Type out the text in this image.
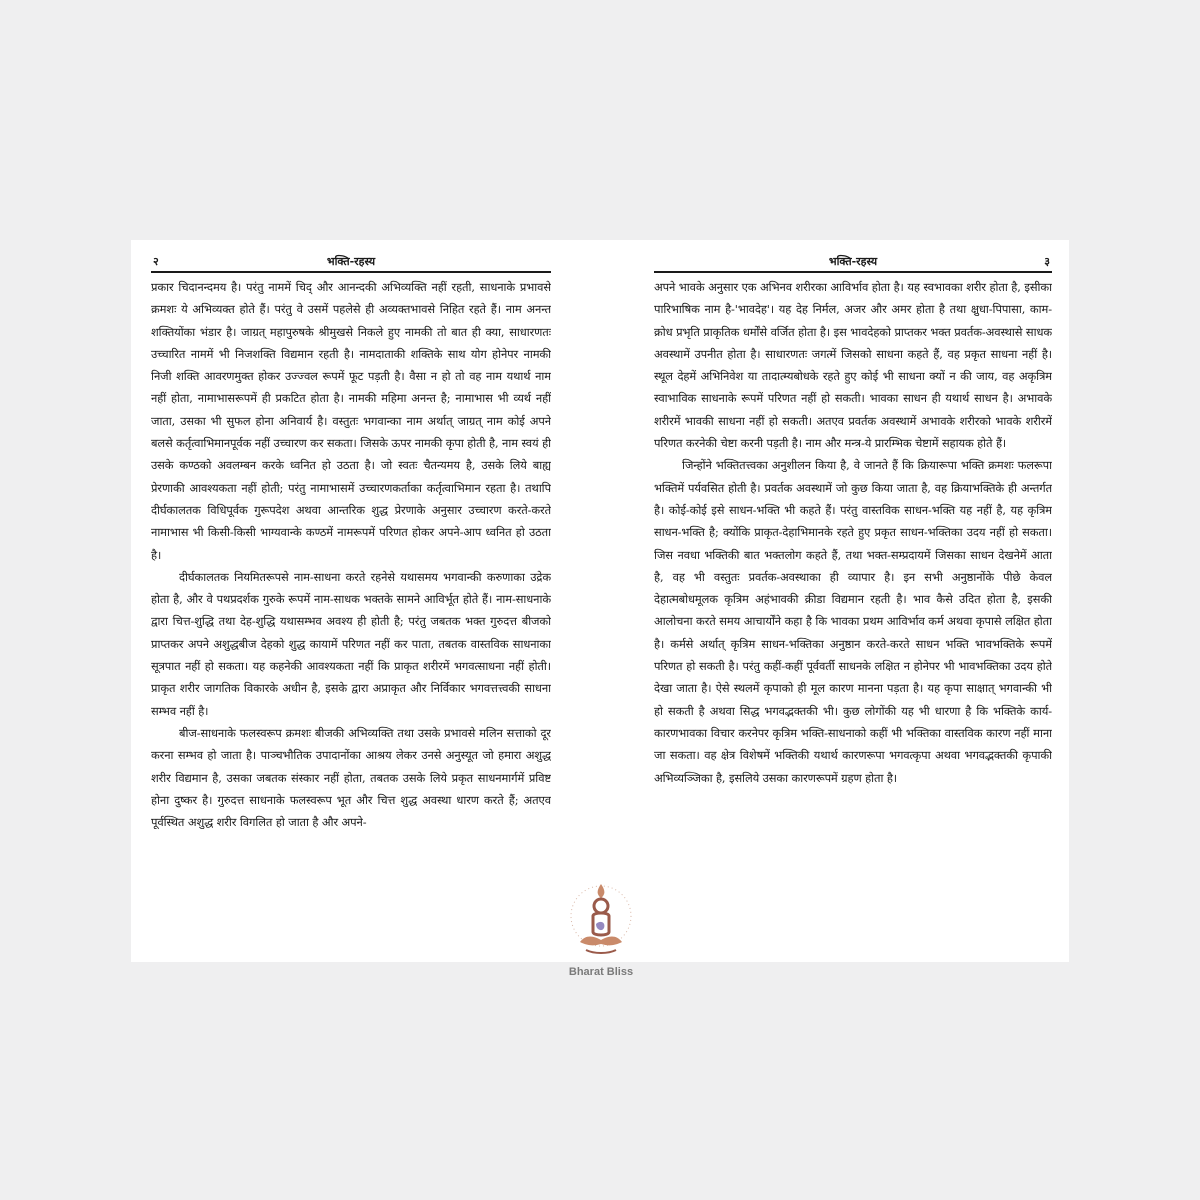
२	भक्ति-रहस्य

प्रकार चिदानन्दमय है। परंतु नाममें चिद् और आनन्दकी अभिव्यक्ति नहीं रहती, साधनाके प्रभावसे क्रमशः ये अभिव्यक्त होते हैं। परंतु वे उसमें पहलेसे ही अव्यक्तभावसे निहित रहते हैं। नाम अनन्त शक्तियोंका भंडार है। जाग्रत् महापुरुषके श्रीमुखसे निकले हुए नामकी तो बात ही क्या, साधारणतः उच्चारित नाममें भी निजशक्ति विद्यमान रहती है। नामदाताकी शक्तिके साथ योग होनेपर नामकी निजी शक्ति आवरणमुक्त होकर उज्ज्वल रूपमें फूट पड़ती है। वैसा न हो तो वह नाम यथार्थ नाम नहीं होता, नामाभासरूपमें ही प्रकटित होता है। नामकी महिमा अनन्त है; नामाभास भी व्यर्थ नहीं जाता, उसका भी सुफल होना अनिवार्य है। वस्तुतः भगवान्का नाम अर्थात् जाग्रत् नाम कोई अपने बलसे कर्तृत्वाभिमानपूर्वक नहीं उच्चारण कर सकता। जिसके ऊपर नामकी कृपा होती है, नाम स्वयं ही उसके कण्ठको अवलम्बन करके ध्वनित हो उठता है। जो स्वतः चैतन्यमय है, उसके लिये बाह्य प्रेरणाकी आवश्यकता नहीं होती; परंतु नामाभासमें उच्चारणकर्ताका कर्तृत्वाभिमान रहता है। तथापि दीर्घकालतक विधिपूर्वक गुरूपदेश अथवा आन्तरिक शुद्ध प्रेरणाके अनुसार उच्चारण करते-करते नामाभास भी किसी-किसी भाग्यवान्के कण्ठमें नामरूपमें परिणत होकर अपने-आप ध्वनित हो उठता है।

दीर्घकालतक नियमितरूपसे नाम-साधना करते रहनेसे यथासमय भगवान्की करुणाका उद्रेक होता है, और वे पथप्रदर्शक गुरुके रूपमें नाम-साधक भक्तके सामने आविर्भूत होते हैं। नाम-साधनाके द्वारा चित्त-शुद्धि तथा देह-शुद्धि यथासम्भव अवश्य ही होती है; परंतु जबतक भक्त गुरुदत्त बीजको प्राप्तकर अपने अशुद्धबीज देहको शुद्ध कायामें परिणत नहीं कर पाता, तबतक वास्तविक साधनाका सूत्रपात नहीं हो सकता। यह कहनेकी आवश्यकता नहीं कि प्राकृत शरीरमें भगवत्साधना नहीं होती। प्राकृत शरीर जागतिक विकारके अधीन है, इसके द्वारा अप्राकृत और निर्विकार भगवत्तत्त्वकी साधना सम्भव नहीं है।

बीज-साधनाके फलस्वरूप क्रमशः बीजकी अभिव्यक्ति तथा उसके प्रभावसे मलिन सत्ताको दूर करना सम्भव हो जाता है। पाञ्चभौतिक उपादानोंका आश्रय लेकर उनसे अनुस्यूत जो हमारा अशुद्ध शरीर विद्यमान है, उसका जबतक संस्कार नहीं होता, तबतक उसके लिये प्रकृत साधनमार्गमें प्रविष्ट होना दुष्कर है। गुरुदत्त साधनाके फलस्वरूप भूत और चित्त शुद्ध अवस्था धारण करते हैं; अतएव पूर्वस्थित अशुद्ध शरीर विगलित हो जाता है और अपने-

भक्ति-रहस्य	३

अपने भावके अनुसार एक अभिनव शरीरका आविर्भाव होता है। यह स्वभावका शरीर होता है, इसीका पारिभाषिक नाम है-'भावदेह'। यह देह निर्मल, अजर और अमर होता है तथा क्षुधा-पिपासा, काम-क्रोध प्रभृति प्राकृतिक धर्मोंसे वर्जित होता है। इस भावदेहको प्राप्तकर भक्त प्रवर्तक-अवस्थासे साधक अवस्थामें उपनीत होता है। साधारणतः जगत्में जिसको साधना कहते हैं, वह प्रकृत साधना नहीं है। स्थूल देहमें अभिनिवेश या तादात्म्यबोधके रहते हुए कोई भी साधना क्यों न की जाय, वह अकृत्रिम स्वाभाविक साधनाके रूपमें परिणत नहीं हो सकती। भावका साधन ही यथार्थ साधन है। अभावके शरीरमें भावकी साधना नहीं हो सकती। अतएव प्रवर्तक अवस्थामें अभावके शरीरको भावके शरीरमें परिणत करनेकी चेष्टा करनी पड़ती है। नाम और मन्त्र-ये प्रारम्भिक चेष्टामें सहायक होते हैं।

जिन्होंने भक्तितत्त्वका अनुशीलन किया है, वे जानते हैं कि क्रियारूपा भक्ति क्रमशः फलरूपा भक्तिमें पर्यवसित होती है। प्रवर्तक अवस्थामें जो कुछ किया जाता है, वह क्रियाभक्तिके ही अन्तर्गत है। कोई-कोई इसे साधन-भक्ति भी कहते हैं। परंतु वास्तविक साधन-भक्ति यह नहीं है, यह कृत्रिम साधन-भक्ति है; क्योंकि प्राकृत-देहाभिमानके रहते हुए प्रकृत साधन-भक्तिका उदय नहीं हो सकता। जिस नवधा भक्तिकी बात भक्तलोग कहते हैं, तथा भक्त-सम्प्रदायमें जिसका साधन देखनेमें आता है, वह भी वस्तुतः प्रवर्तक-अवस्थाका ही व्यापार है। इन सभी अनुष्ठानोंके पीछे केवल देहात्मबोधमूलक कृत्रिम अहंभावकी क्रीडा विद्यमान रहती है। भाव कैसे उदित होता है, इसकी आलोचना करते समय आचार्योंने कहा है कि भावका प्रथम आविर्भाव कर्म अथवा कृपासे लक्षित होता है। कर्मसे अर्थात् कृत्रिम साधन-भक्तिका अनुष्ठान करते-करते साधन भक्ति भावभक्तिके रूपमें परिणत हो सकती है। परंतु कहीं-कहीं पूर्ववर्ती साधनके लक्षित न होनेपर भी भावभक्तिका उदय होते देखा जाता है। ऐसे स्थलमें कृपाको ही मूल कारण मानना पड़ता है। यह कृपा साक्षात् भगवान्की भी हो सकती है अथवा सिद्ध भगवद्भक्तकी भी। कुछ लोगोंकी यह भी धारणा है कि भक्तिके कार्य-कारणभावका विचार करनेपर कृत्रिम भक्ति-साधनाको कहीं भी भक्तिका वास्तविक कारण नहीं माना जा सकता। वह क्षेत्र विशेषमें भक्तिकी यथार्थ कारणरूपा भगवत्कृपा अथवा भगवद्भक्तकी कृपाकी अभिव्यञ्जिका है, इसलिये उसका कारणरूपमें ग्रहण होता है।

Bharat Bliss
